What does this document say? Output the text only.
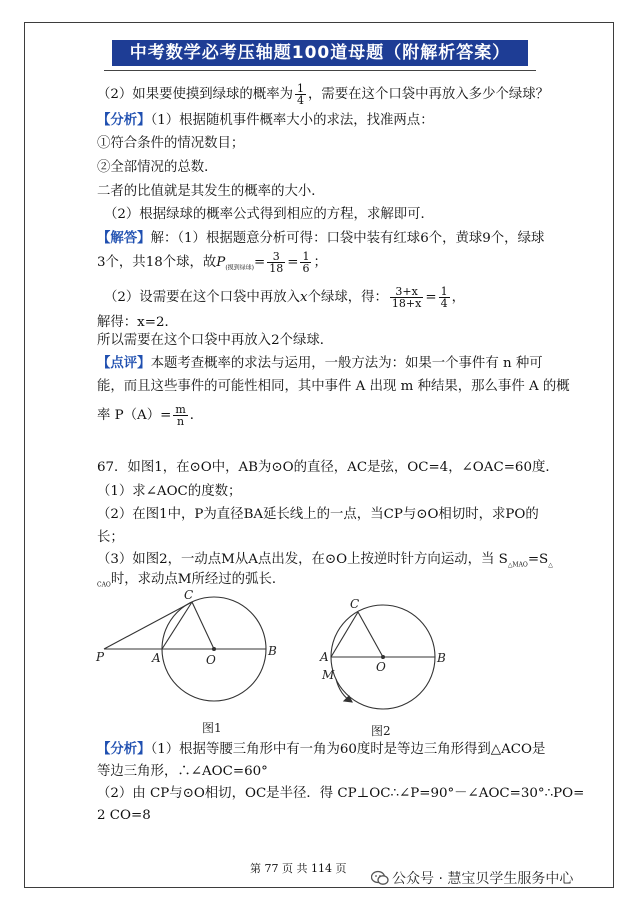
中考数学必考压轴题100道母题（附解析答案）
（2）如果要使摸到绿球的概率为 $\frac{1}{4}$ ，需要在这个口袋中再放入多少个绿球？
【分析】（1）根据随机事件概率大小的求法，找准两点：
①符合条件的情况数目；
②全部情况的总数．
二者的比值就是其发生的概率的大小．
（2）根据绿球的概率公式得到相应的方程，求解即可．
【解答】解：（1）根据题意分析可得：口袋中装有红球6个，黄球9个，绿球
3个，共18个球，故$P_{(摸到绿球)}= \frac{3}{18} = \frac{1}{6}$ ；
（2）设需要在这个口袋中再放入x个绿球，得： $\frac{3+x}{18+x} = \frac{1}{4}$ ，
解得：x=2．
所以需要在这个口袋中再放入2个绿球．
【点评】本题考查概率的求法与运用，一般方法为：如果一个事件有 n 种可
能，而且这些事件的可能性相同，其中事件 A 出现 m 种结果，那么事件 A 的概
率 $P(A)= \frac{m}{n}$ ．
67．如图1，在⊙O中，AB为⊙O的直径，AC是弦，OC=4，∠OAC=60度．
（1）求∠AOC的度数；
（2）在图1中，P为直径BA延长线上的一点，当CP与⊙O相切时，求PO的
长；
（3）如图2，一动点M从A点出发，在⊙O上按逆时针方向运动，当 $S_{\triangle MAO}=S_\triangle$
$_{CAO}$时，求动点M所经过的弧长．
P	A	O
B
C
A
O
B
C
M
图1	图2
【分析】（1）根据等腰三角形中有一角为60度时是等边三角形得到△ACO是
等边三角形，∴∠AOC=60°
（2）由 CP与⊙O相切，OC是半径．得 CP⊥OC∴∠P=90°－∠AOC=30°∴PO=
2 CO=8
第 77 页 共 114 页
公众号 · 慧宝贝学生服务中心
